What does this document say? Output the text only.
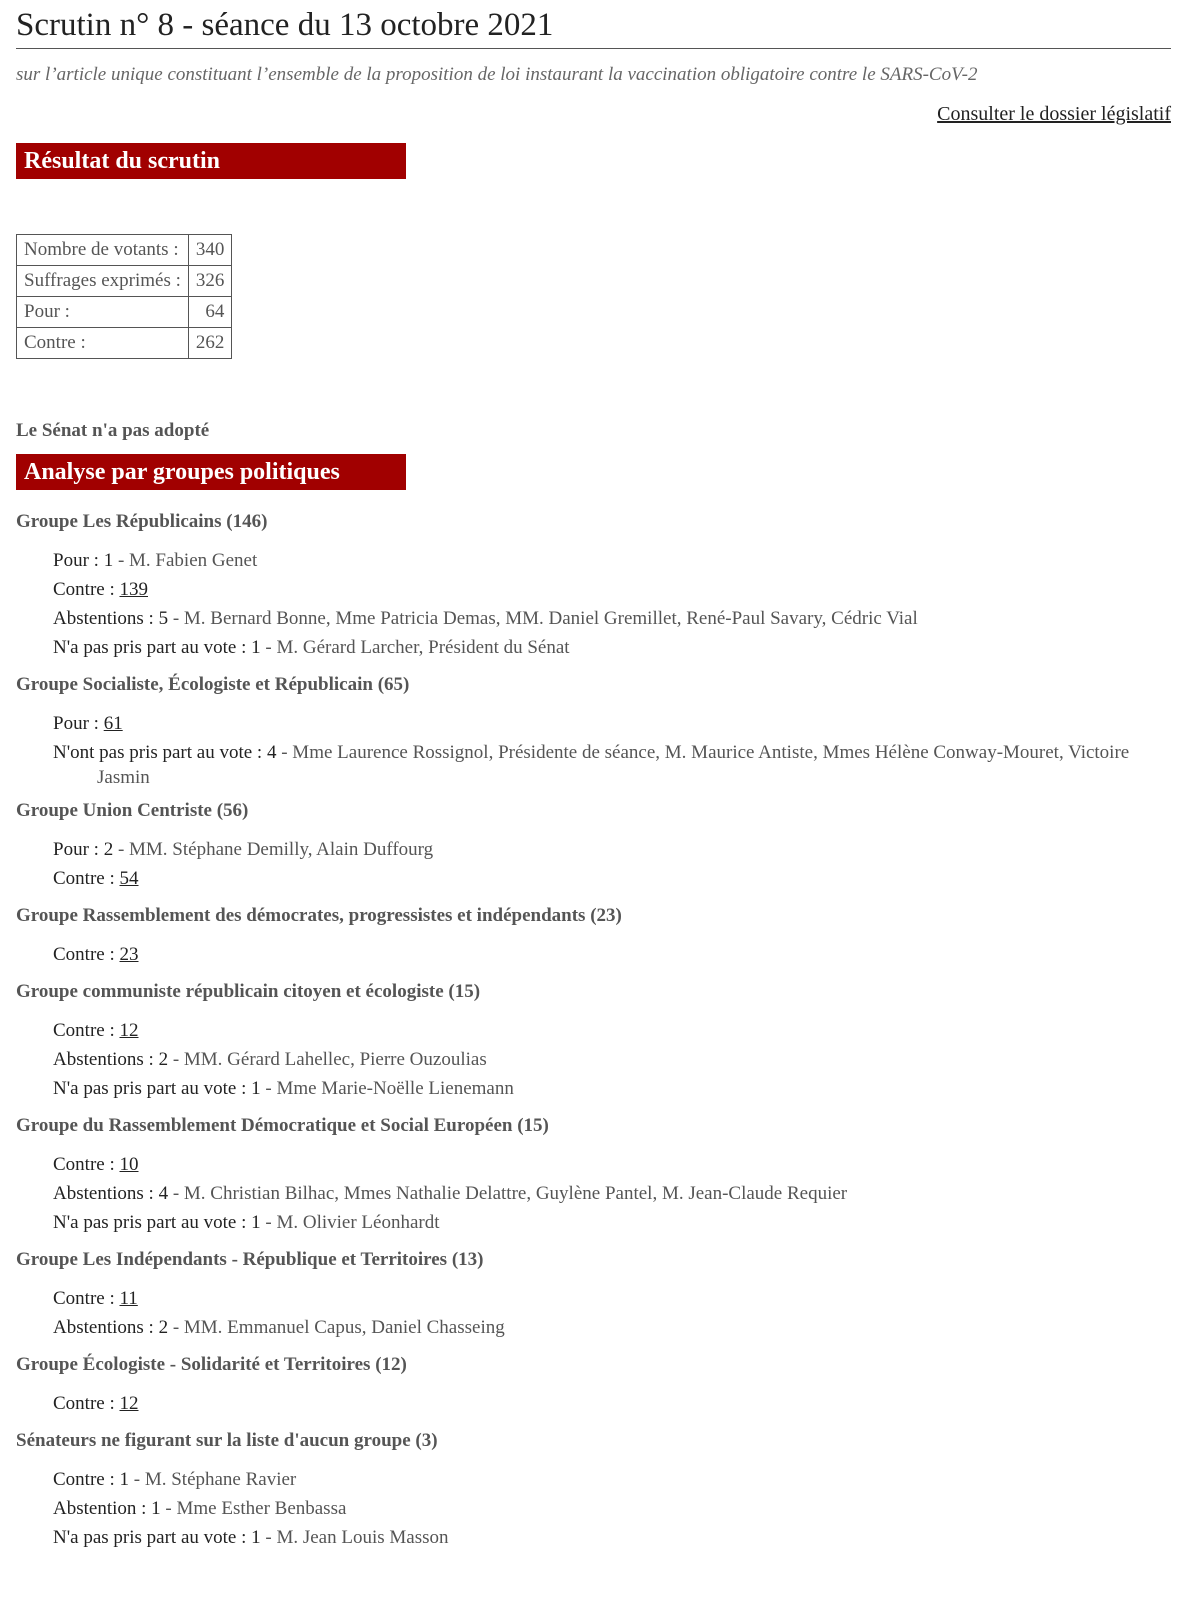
Scrutin n° 8 - séance du 13 octobre 2021

sur l’article unique constituant l’ensemble de la proposition de loi instaurant la vaccination obligatoire contre le SARS-CoV-2

Consulter le dossier législatif
Résultat du scrutin
Nombre de votants :	340
Suffrages exprimés :	326
Pour :	64
Contre :	262
Le Sénat n'a pas adopté
Analyse par groupes politiques
Groupe Les Républicains (146)
Pour : 1 - M. Fabien Genet
Contre : 139
Abstentions : 5 - M. Bernard Bonne, Mme Patricia Demas, MM. Daniel Gremillet, René-Paul Savary, Cédric Vial
N'a pas pris part au vote : 1 - M. Gérard Larcher, Président du Sénat
Groupe Socialiste, Écologiste et Républicain (65)
Pour : 61
N'ont pas pris part au vote : 4 - Mme Laurence Rossignol, Présidente de séance, M. Maurice Antiste, Mmes Hélène Conway-Mouret, Victoire Jasmin
Groupe Union Centriste (56)
Pour : 2 - MM. Stéphane Demilly, Alain Duffourg
Contre : 54
Groupe Rassemblement des démocrates, progressistes et indépendants (23)
Contre : 23
Groupe communiste républicain citoyen et écologiste (15)
Contre : 12
Abstentions : 2 - MM. Gérard Lahellec, Pierre Ouzoulias
N'a pas pris part au vote : 1 - Mme Marie-Noëlle Lienemann
Groupe du Rassemblement Démocratique et Social Européen (15)
Contre : 10
Abstentions : 4 - M. Christian Bilhac, Mmes Nathalie Delattre, Guylène Pantel, M. Jean-Claude Requier
N'a pas pris part au vote : 1 - M. Olivier Léonhardt
Groupe Les Indépendants - République et Territoires (13)
Contre : 11
Abstentions : 2 - MM. Emmanuel Capus, Daniel Chasseing
Groupe Écologiste - Solidarité et Territoires (12)
Contre : 12
Sénateurs ne figurant sur la liste d'aucun groupe (3)
Contre : 1 - M. Stéphane Ravier
Abstention : 1 - Mme Esther Benbassa
N'a pas pris part au vote : 1 - M. Jean Louis Masson
